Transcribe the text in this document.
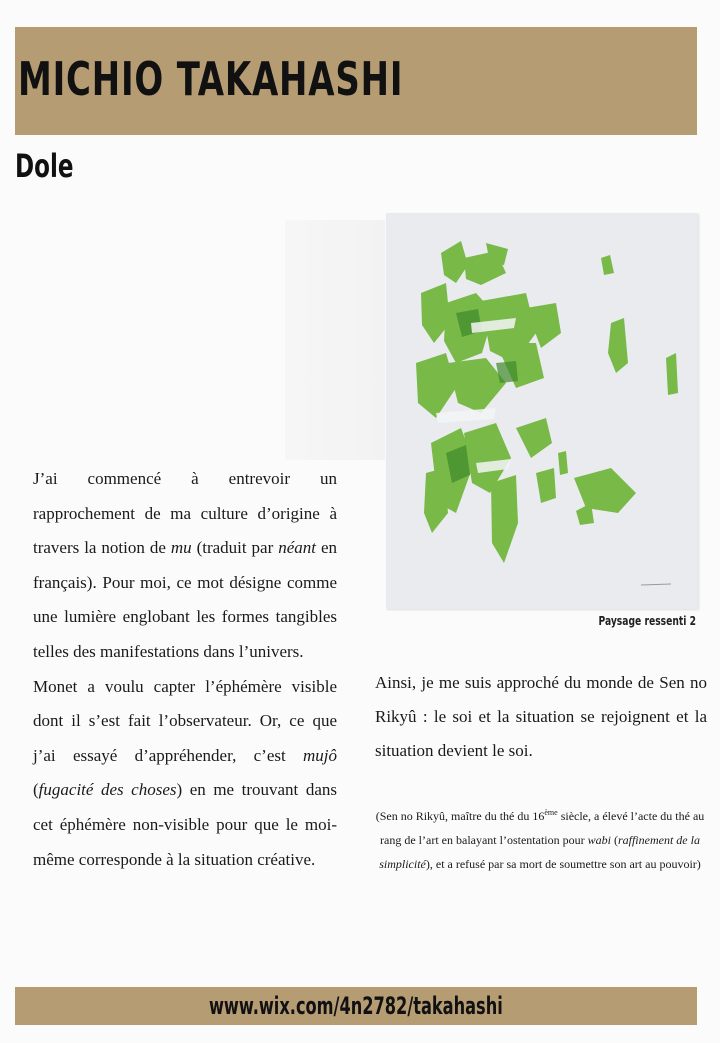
MICHIO TAKAHASHI
Dole
Paysage ressenti 2

J’ai commencé à entrevoir un rapprochement de ma culture d’origine à travers la notion de mu (traduit par néant en français). Pour moi, ce mot désigne comme une lumière englobant les formes tangibles telles des manifestations dans l’univers.

Monet a voulu capter l’éphémère visible dont il s’est fait l’observateur. Or, ce que j’ai essayé d’appréhender, c’est mujô (fugacité des choses) en me trouvant dans cet éphémère non-visible pour que le moi-même corresponde à la situation créative.

Ainsi, je me suis approché du monde de Sen no Rikyû : le soi et la situation se rejoignent et la situation devient le soi.

(Sen no Rikyû, maître du thé du 16ème siècle, a élevé l’acte du thé au rang de l’art en balayant l’ostentation pour wabi (raffinement de la simplicité), et a refusé par sa mort de soumettre son art au pouvoir)
www.wix.com/4n2782/takahashi
